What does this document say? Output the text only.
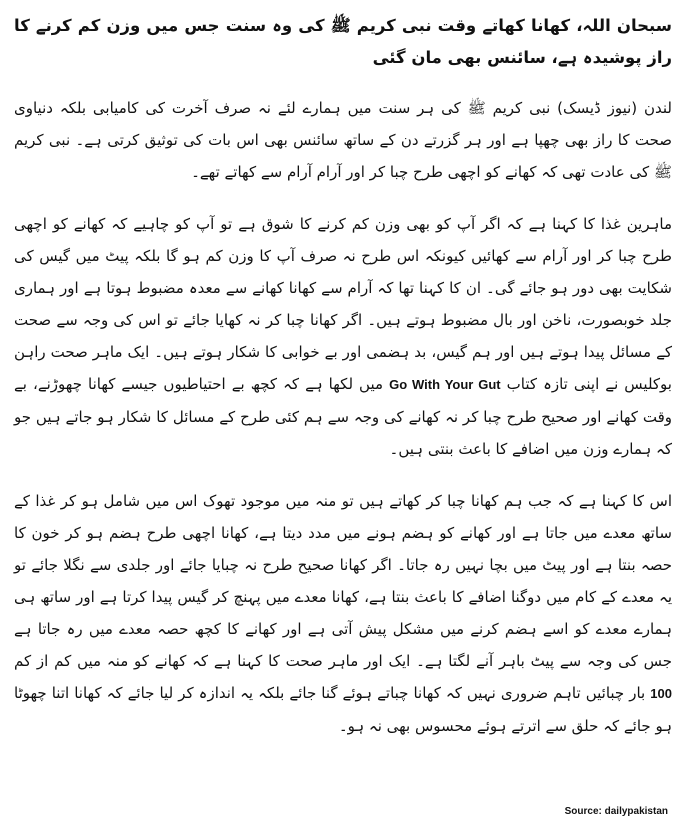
سبحان اللہ، کھانا کھاتے وقت نبی کریم ﷺ کی وہ سنت جس میں وزن کم کرنے کا راز پوشیدہ ہے، سائنس بھی مان گئی

لندن (نیوز ڈیسک) نبی کریم ﷺ کی ہر سنت میں ہمارے لئے نہ صرف آخرت کی کامیابی بلکہ دنیاوی صحت کا راز بھی چھپا ہے اور ہر گزرتے دن کے ساتھ سائنس بھی اس بات کی توثیق کرتی ہے۔ نبی کریم ﷺ کی عادت تھی کہ کھانے کو اچھی طرح چبا کر اور آرام آرام سے کھاتے تھے۔

ماہرین غذا کا کہنا ہے کہ اگر آپ کو بھی وزن کم کرنے کا شوق ہے تو آپ کو چاہیے کہ کھانے کو اچھی طرح چبا کر اور آرام سے کھائیں کیونکہ اس طرح نہ صرف آپ کا وزن کم ہو گا بلکہ پیٹ میں گیس کی شکایت بھی دور ہو جائے گی۔ ان کا کہنا تھا کہ آرام سے کھانا کھانے سے معدہ مضبوط ہوتا ہے اور ہماری جلد خوبصورت، ناخن اور بال مضبوط ہوتے ہیں۔ اگر کھانا چبا کر نہ کھایا جائے تو اس کی وجہ سے صحت کے مسائل پیدا ہوتے ہیں اور ہم گیس، بد ہضمی اور بے خوابی کا شکار ہوتے ہیں۔ ایک ماہر صحت راہن بوکلیس نے اپنی تازہ کتاب Go With Your Gut میں لکھا ہے کہ کچھ بے احتیاطیوں جیسے کھانا چھوڑنے، بے وقت کھانے اور صحیح طرح چبا کر نہ کھانے کی وجہ سے ہم کئی طرح کے مسائل کا شکار ہو جاتے ہیں جو کہ ہمارے وزن میں اضافے کا باعث بنتی ہیں۔

اس کا کہنا ہے کہ جب ہم کھانا چبا کر کھاتے ہیں تو منہ میں موجود تھوک اس میں شامل ہو کر غذا کے ساتھ معدے میں جاتا ہے اور کھانے کو ہضم ہونے میں مدد دیتا ہے، کھانا اچھی طرح ہضم ہو کر خون کا حصہ بنتا ہے اور پیٹ میں بچا نہیں رہ جاتا۔ اگر کھانا صحیح طرح نہ چبایا جائے اور جلدی سے نگلا جائے تو یہ معدے کے کام میں دوگنا اضافے کا باعث بنتا ہے، کھانا معدے میں پہنچ کر گیس پیدا کرتا ہے اور ساتھ ہی ہمارے معدے کو اسے ہضم کرنے میں مشکل پیش آتی ہے اور کھانے کا کچھ حصہ معدے میں رہ جاتا ہے جس کی وجہ سے پیٹ باہر آنے لگتا ہے۔ ایک اور ماہر صحت کا کہنا ہے کہ کھانے کو منہ میں کم از کم 100 بار چبائیں تاہم ضروری نہیں کہ کھانا چباتے ہوئے گنا جائے بلکہ یہ اندازہ کر لیا جائے کہ کھانا اتنا چھوٹا ہو جائے کہ حلق سے اترتے ہوئے محسوس بھی نہ ہو۔

Source: dailypakistan
